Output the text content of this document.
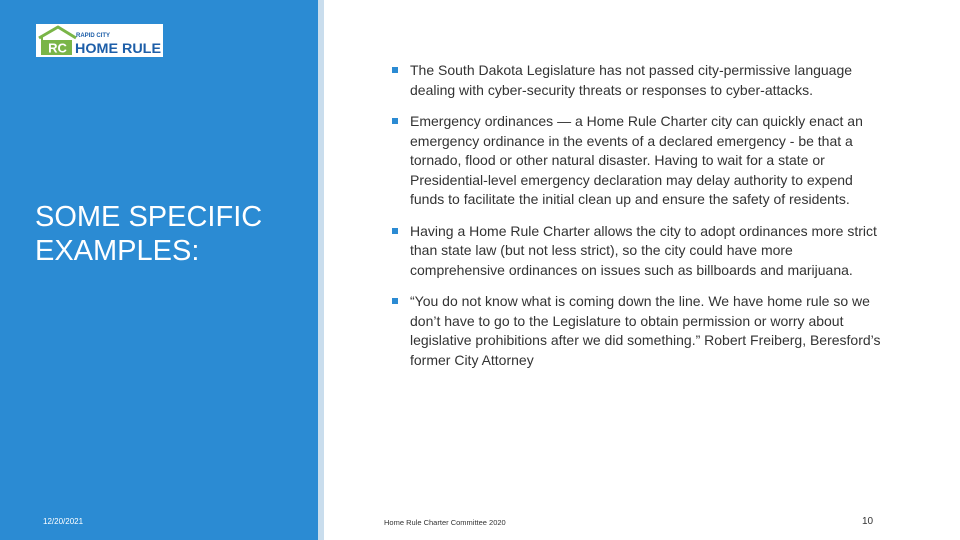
RC
RAPID CITY
HOME RULE
SOME SPECIFIC EXAMPLES:
The South Dakota Legislature has not passed city-permissive language dealing with cyber-security threats or responses to cyber-attacks.
Emergency ordinances — a Home Rule Charter city can quickly enact an emergency ordinance in the events of a declared emergency - be that a tornado, flood or other natural disaster. Having to wait for a state or Presidential-level emergency declaration may delay authority to expend funds to facilitate the initial clean up and ensure the safety of residents.
Having a Home Rule Charter allows the city to adopt ordinances more strict than state law (but not less strict), so the city could have more comprehensive ordinances on issues such as billboards and marijuana.
“You do not know what is coming down the line. We have home rule so we don’t have to go to the Legislature to obtain permission or worry about legislative prohibitions after we did something.” Robert Freiberg, Beresford’s former City Attorney
12/20/2021	Home Rule Charter Committee 2020	10
